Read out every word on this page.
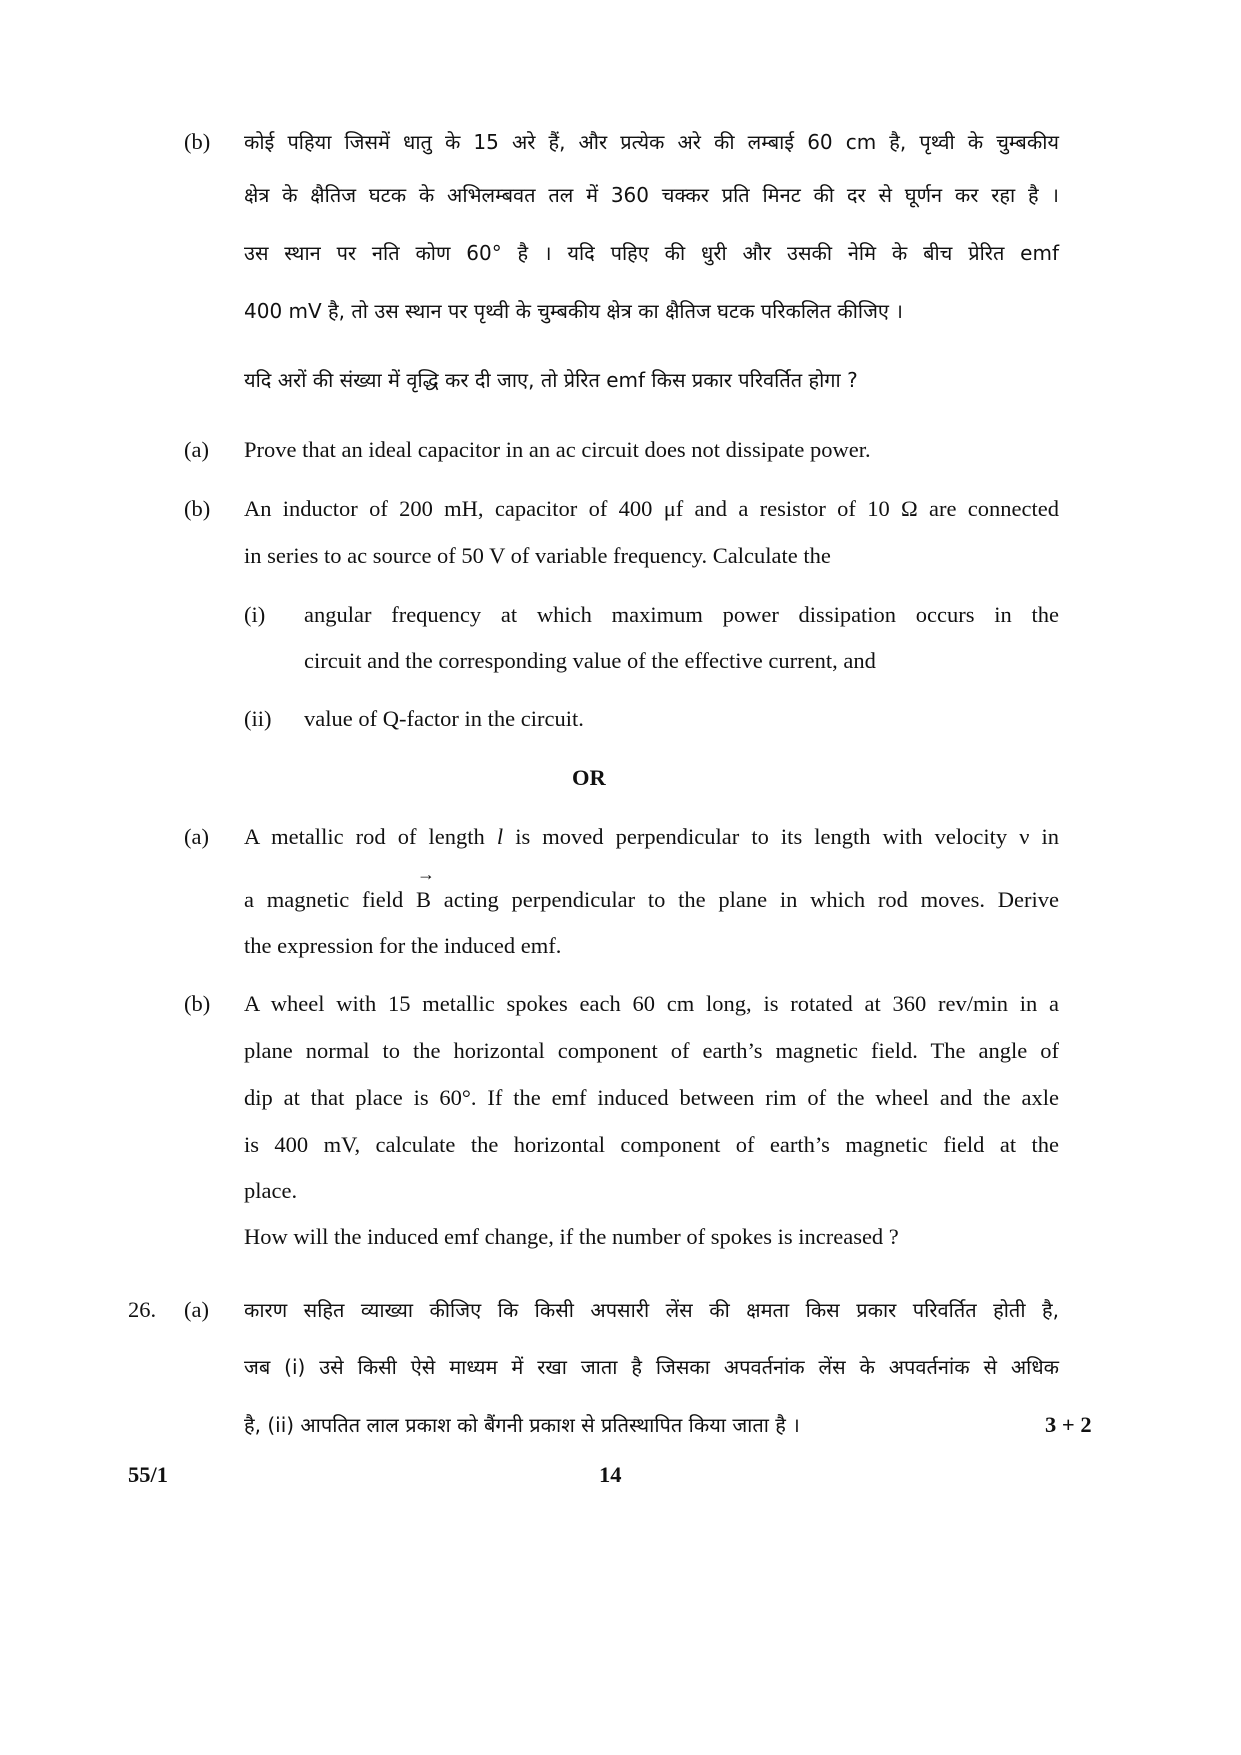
(b) कोई पहिया जिसमें धातु के 15 अरे हैं, और प्रत्येक अरे की लम्बाई 60 cm है, पृथ्वी के चुम्बकीय
क्षेत्र के क्षैतिज घटक के अभिलम्बवत तल में 360 चक्कर प्रति मिनट की दर से घूर्णन कर रहा है ।
उस स्थान पर नति कोण 60° है । यदि पहिए की धुरी और उसकी नेमि के बीच प्रेरित emf
400 mV है, तो उस स्थान पर पृथ्वी के चुम्बकीय क्षेत्र का क्षैतिज घटक परिकलित कीजिए ।
यदि अरों की संख्या में वृद्धि कर दी जाए, तो प्रेरित emf किस प्रकार परिवर्तित होगा ?
(a) Prove that an ideal capacitor in an ac circuit does not dissipate power.
(b) An inductor of 200 mH, capacitor of 400 μf and a resistor of 10 Ω are connected
in series to ac source of 50 V of variable frequency. Calculate the
(i) angular frequency at which maximum power dissipation occurs in the
circuit and the corresponding value of the effective current, and
(ii) value of Q-factor in the circuit.
OR
(a) A metallic rod of length l is moved perpendicular to its length with velocity ν in
a magnetic field
→
B acting perpendicular to the plane in which rod moves. Derive
the expression for the induced emf.
(b) A wheel with 15 metallic spokes each 60 cm long, is rotated at 360 rev/min in a
plane normal to the horizontal component of earth’s magnetic field. The angle of
dip at that place is 60°. If the emf induced between rim of the wheel and the axle
is 400 mV, calculate the horizontal component of earth’s magnetic field at the
place.
How will the induced emf change, if the number of spokes is increased ?
26. (a) कारण सहित व्याख्या कीजिए कि किसी अपसारी लेंस की क्षमता किस प्रकार परिवर्तित होती है,
जब (i) उसे किसी ऐसे माध्यम में रखा जाता है जिसका अपवर्तनांक लेंस के अपवर्तनांक से अधिक
है, (ii) आपतित लाल प्रकाश को बैंगनी प्रकाश से प्रतिस्थापित किया जाता है ।	3 + 2
55/1	14
